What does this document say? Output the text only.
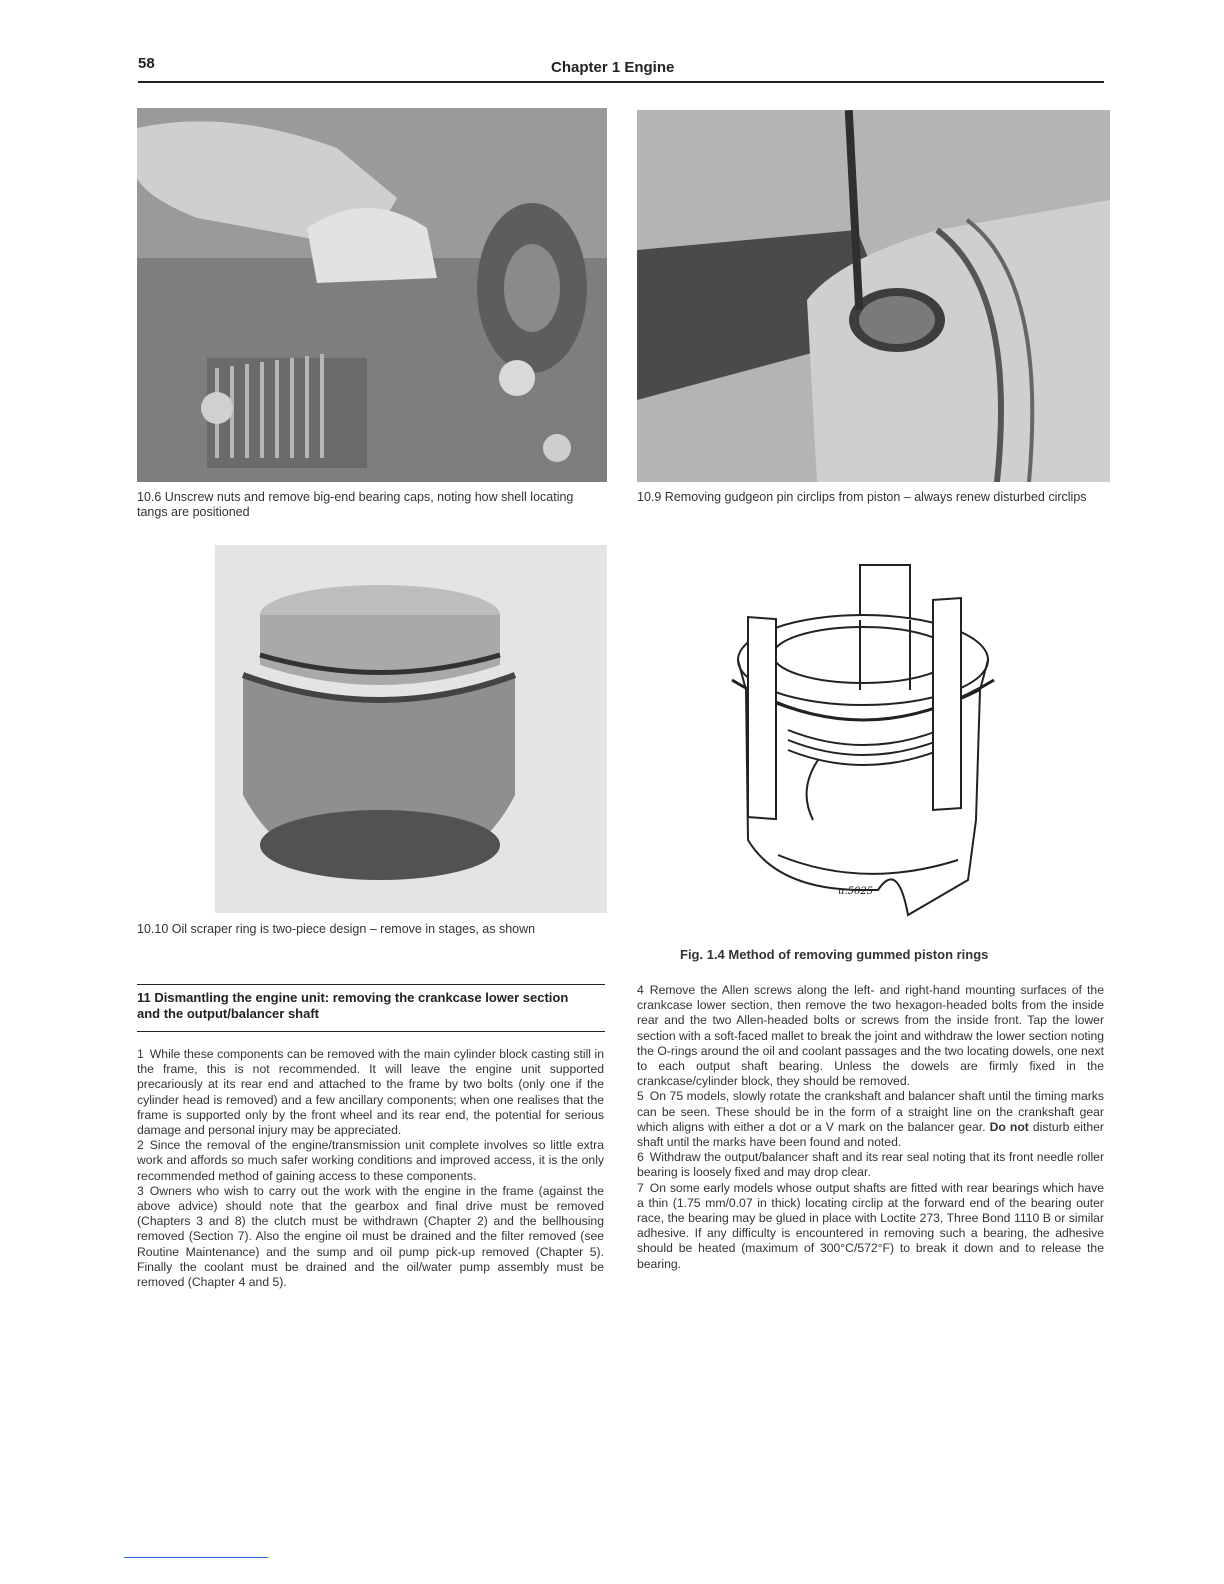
58	Chapter 1 Engine
10.6 Unscrew nuts and remove big-end bearing caps, noting how shell locating tangs are positioned
10.9 Removing gudgeon pin circlips from piston – always renew disturbed circlips
10.10 Oil scraper ring is two-piece design – remove in stages, as shown
u.5025
Fig. 1.4 Method of removing gummed piston rings
11 Dismantling the engine unit: removing the crankcase lower section and the output/balancer shaft

1 While these components can be removed with the main cylinder block casting still in the frame, this is not recommended. It will leave the engine unit supported precariously at its rear end and attached to the frame by two bolts (only one if the cylinder head is removed) and a few ancillary components; when one realises that the frame is supported only by the front wheel and its rear end, the potential for serious damage and personal injury may be appreciated.

2 Since the removal of the engine/transmission unit complete involves so little extra work and affords so much safer working conditions and improved access, it is the only recommended method of gaining access to these components.

3 Owners who wish to carry out the work with the engine in the frame (against the above advice) should note that the gearbox and final drive must be removed (Chapters 3 and 8) the clutch must be withdrawn (Chapter 2) and the bellhousing removed (Section 7). Also the engine oil must be drained and the filter removed (see Routine Maintenance) and the sump and oil pump pick-up removed (Chapter 5). Finally the coolant must be drained and the oil/water pump assembly must be removed (Chapter 4 and 5).

4 Remove the Allen screws along the left- and right-hand mounting surfaces of the crankcase lower section, then remove the two hexagon-headed bolts from the inside rear and the two Allen-headed bolts or screws from the inside front. Tap the lower section with a soft-faced mallet to break the joint and withdraw the lower section noting the O-rings around the oil and coolant passages and the two locating dowels, one next to each output shaft bearing. Unless the dowels are firmly fixed in the crankcase/cylinder block, they should be removed.

5 On 75 models, slowly rotate the crankshaft and balancer shaft until the timing marks can be seen. These should be in the form of a straight line on the crankshaft gear which aligns with either a dot or a V mark on the balancer gear. Do not disturb either shaft until the marks have been found and noted.

6 Withdraw the output/balancer shaft and its rear seal noting that its front needle roller bearing is loosely fixed and may drop clear.

7 On some early models whose output shafts are fitted with rear bearings which have a thin (1.75 mm/0.07 in thick) locating circlip at the forward end of the bearing outer race, the bearing may be glued in place with Loctite 273, Three Bond 1110 B or similar adhesive. If any difficulty is encountered in removing such a bearing, the adhesive should be heated (maximum of 300°C/572°F) to break it down and to release the bearing.
